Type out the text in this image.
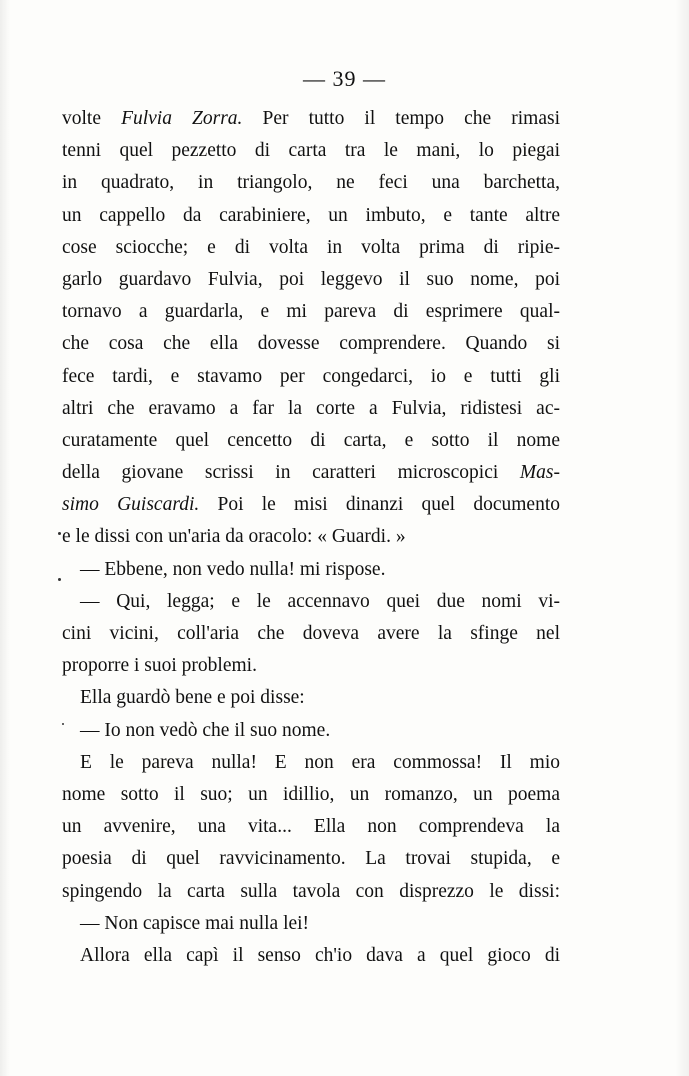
— 39 —
volte Fulvia Zorra. Per tutto il tempo che rimasi
tenni quel pezzetto di carta tra le mani, lo piegai
in quadrato, in triangolo, ne feci una barchetta,
un cappello da carabiniere, un imbuto, e tante altre
cose sciocche; e di volta in volta prima di ripie-
garlo guardavo Fulvia, poi leggevo il suo nome, poi
tornavo a guardarla, e mi pareva di esprimere qual-
che cosa che ella dovesse comprendere. Quando si
fece tardi, e stavamo per congedarci, io e tutti gli
altri che eravamo a far la corte a Fulvia, ridistesi ac-
curatamente quel cencetto di carta, e sotto il nome
della giovane scrissi in caratteri microscopici Mas-
simo Guiscardi. Poi le misi dinanzi quel documento
e le dissi con un'aria da oracolo: « Guardi. »
— Ebbene, non vedo nulla! mi rispose.
— Qui, legga; e le accennavo quei due nomi vi-
cini vicini, coll'aria che doveva avere la sfinge nel
proporre i suoi problemi.
Ella guardò bene e poi disse:
— Io non vedò che il suo nome.
E le pareva nulla! E non era commossa! Il mio
nome sotto il suo; un idillio, un romanzo, un poema
un avvenire, una vita... Ella non comprendeva la
poesia di quel ravvicinamento. La trovai stupida, e
spingendo la carta sulla tavola con disprezzo le dissi:
— Non capisce mai nulla lei!
Allora ella capì il senso ch'io dava a quel gioco di
